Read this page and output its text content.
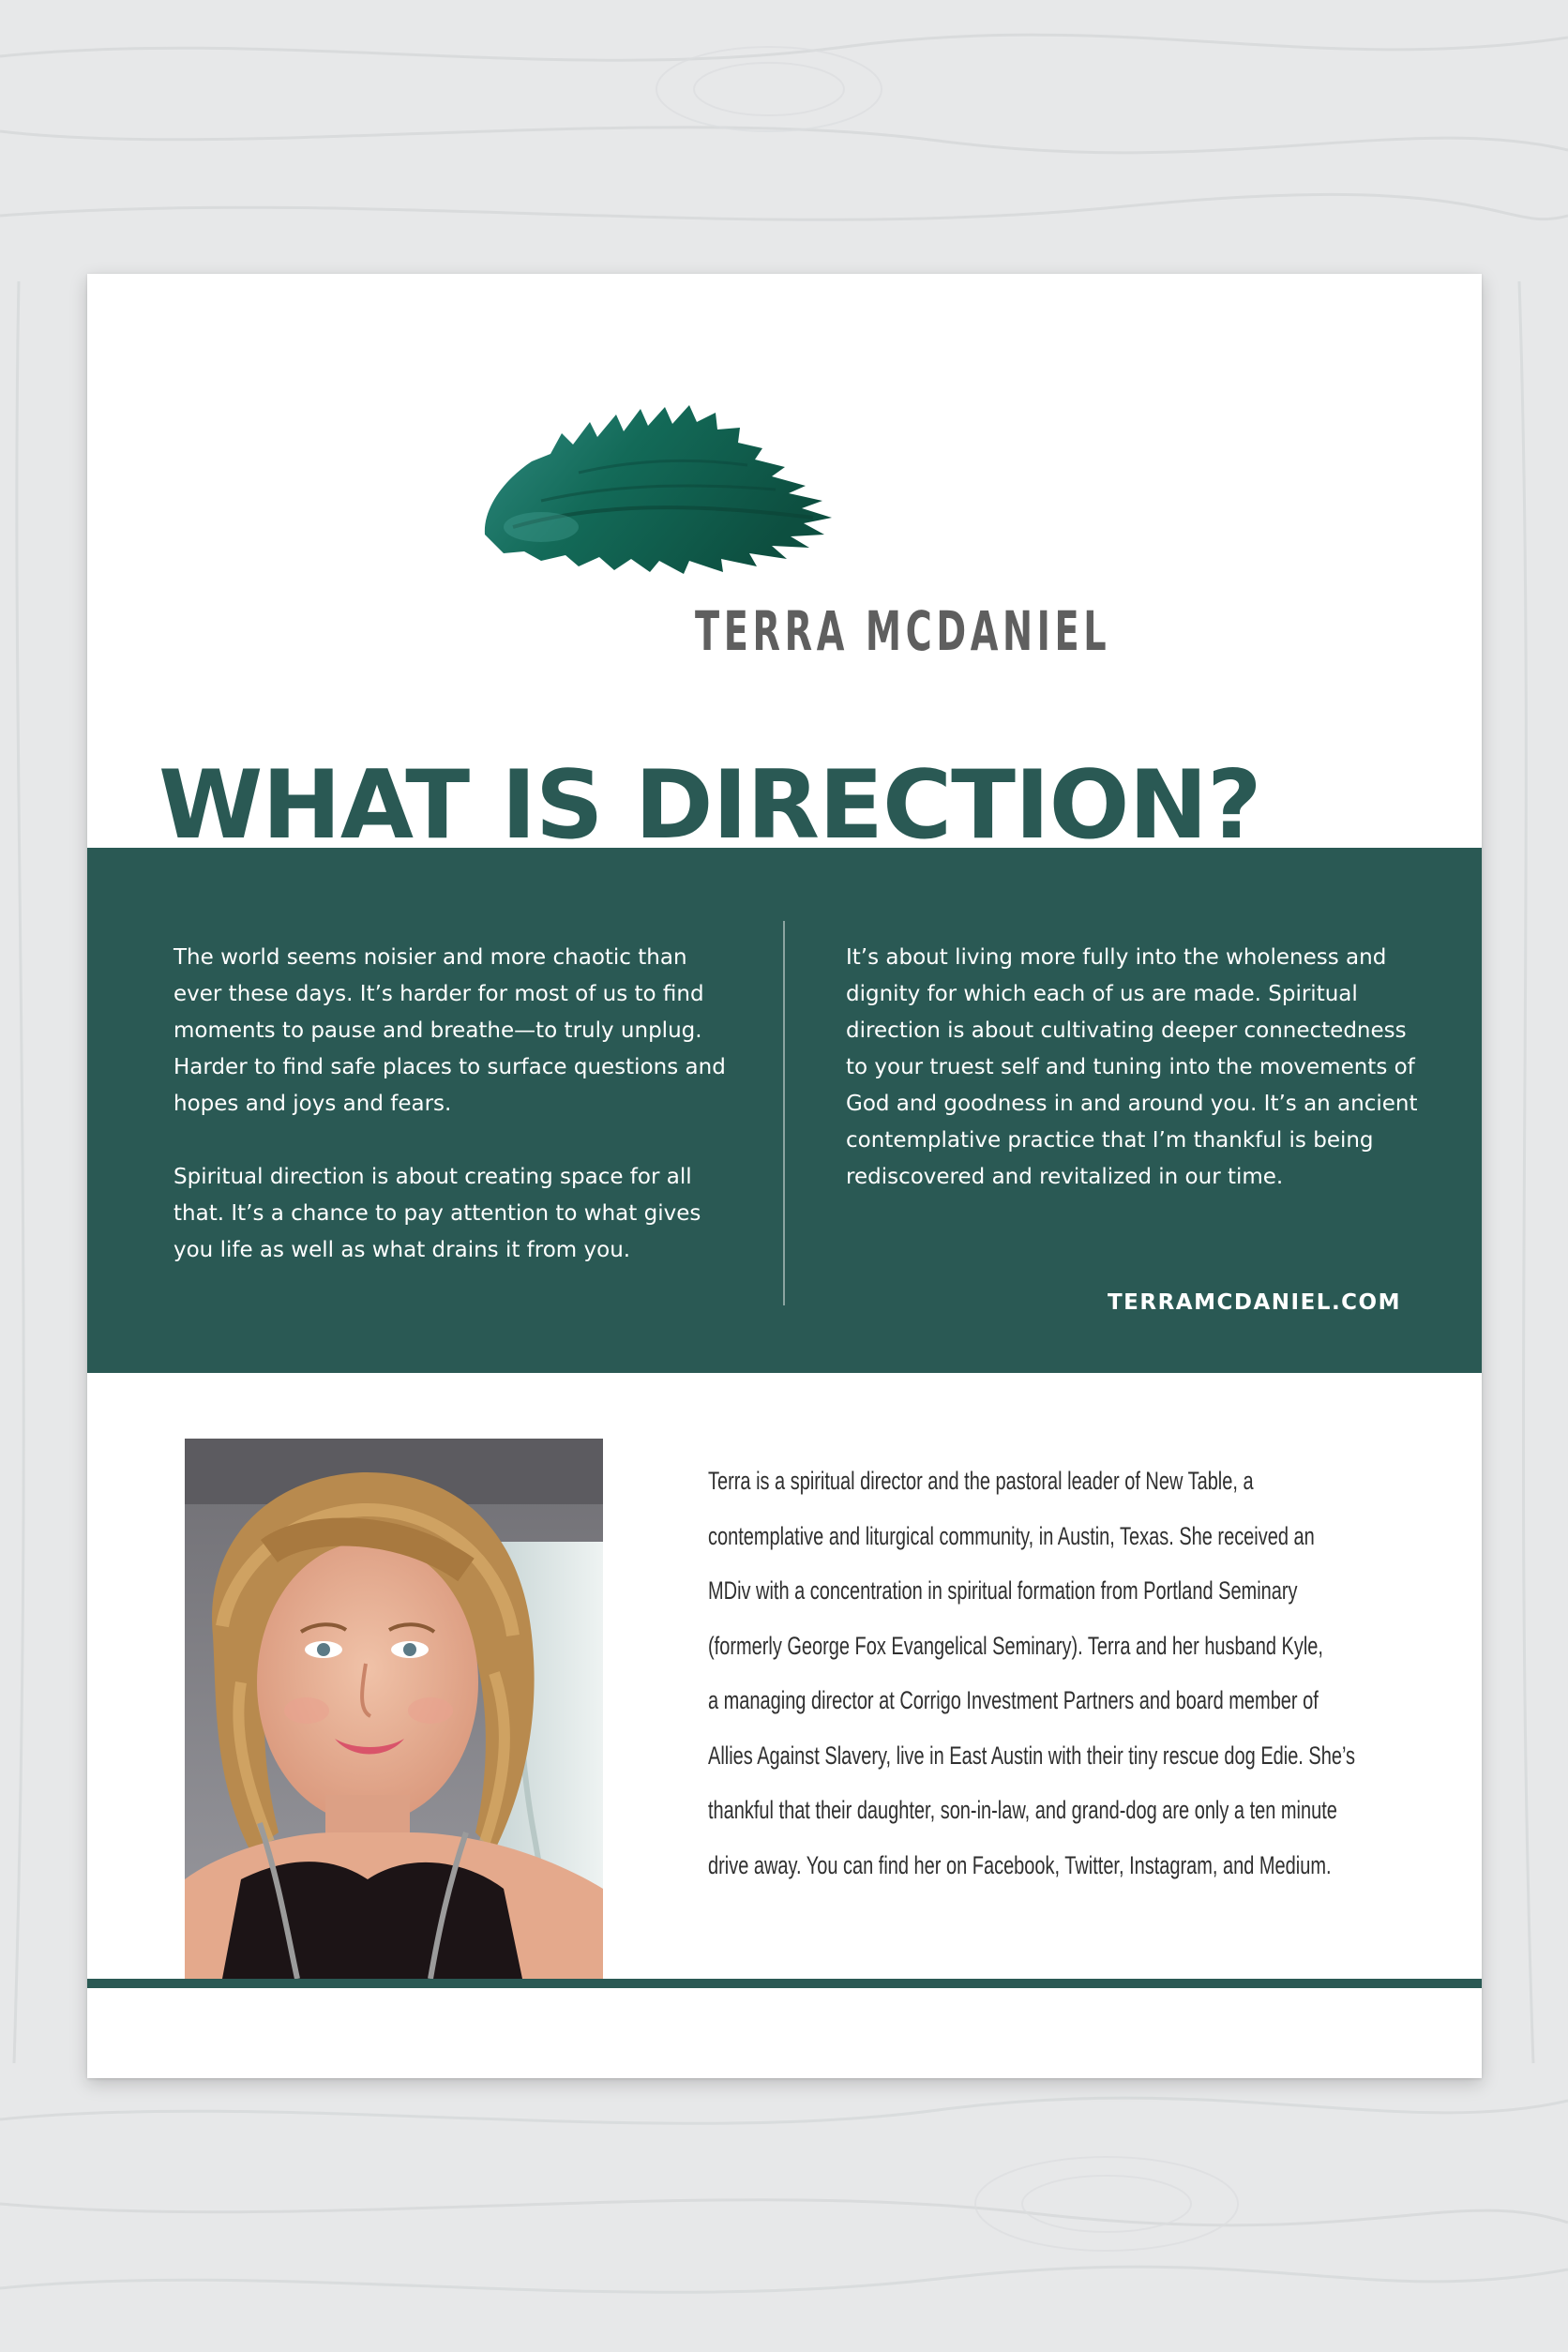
TERRA MCDANIEL
WHAT IS DIRECTION?

The world seems noisier and more chaotic than ever these days. It’s harder for most of us to find moments to pause and breathe—to truly unplug. Harder to find safe places to surface questions and hopes and joys and fears.

Spiritual direction is about creating space for all that. It’s a chance to pay attention to what gives you life as well as what drains it from you.

It’s about living more fully into the wholeness and dignity for which each of us are made. Spiritual direction is about cultivating deeper connectedness to your truest self and tuning into the movements of God and goodness in and around you. It’s an ancient contemplative practice that I’m thankful is being rediscovered and revitalized in our time.

TERRAMCDANIEL.COM
Terra is a spiritual director and the pastoral leader of New Table, a
contemplative and liturgical community, in Austin, Texas. She received an
MDiv with a concentration in spiritual formation from Portland Seminary
(formerly George Fox Evangelical Seminary). Terra and her husband Kyle,
a managing director at Corrigo Investment Partners and board member of
Allies Against Slavery, live in East Austin with their tiny rescue dog Edie. She’s
thankful that their daughter, son-in-law, and grand-dog are only a ten minute
drive away. You can find her on Facebook, Twitter, Instagram, and Medium.
